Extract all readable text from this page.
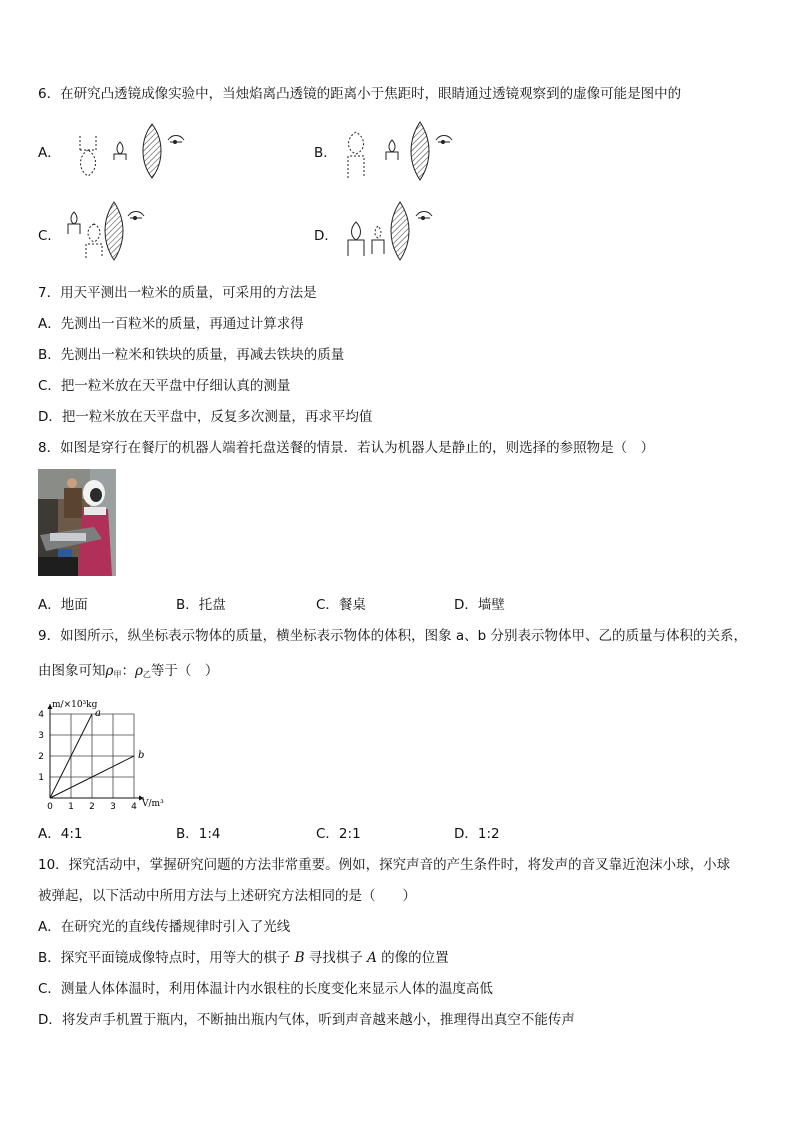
6．在研究凸透镜成像实验中，当烛焰离凸透镜的距离小于焦距时，眼睛通过透镜观察到的虚像可能是图中的
A．	B．
C．	D．
7．用天平测出一粒米的质量，可采用的方法是
A．先测出一百粒米的质量，再通过计算求得
B．先测出一粒米和铁块的质量，再减去铁块的质量
C．把一粒米放在天平盘中仔细认真的测量
D．把一粒米放在天平盘中，反复多次测量，再求平均值
8．如图是穿行在餐厅的机器人端着托盘送餐的情景．若认为机器人是静止的，则选择的参照物是（　）
A．地面	B．托盘	C．餐桌	D．墙壁
9．如图所示，纵坐标表示物体的质量，横坐标表示物体的体积，图象 a、b 分别表示物体甲、乙的质量与体积的关系，
由图象可知$\rho_甲$：$\rho_乙$等于（　）
0 1 2 3 4
1
2
3
4	a
b
m/×10³kg
V/m³
A．4:1	B．1:4	C．2:1	D．1:2
10．探究活动中，掌握研究问题的方法非常重要。例如，探究声音的产生条件时，将发声的音叉靠近泡沫小球，小球
被弹起，以下活动中所用方法与上述研究方法相同的是（　　）
A．在研究光的直线传播规律时引入了光线
B．探究平面镜成像特点时，用等大的棋子 B 寻找棋子 A 的像的位置
C．测量人体体温时，利用体温计内水银柱的长度变化来显示人体的温度高低
D．将发声手机置于瓶内，不断抽出瓶内气体，听到声音越来越小，推理得出真空不能传声
